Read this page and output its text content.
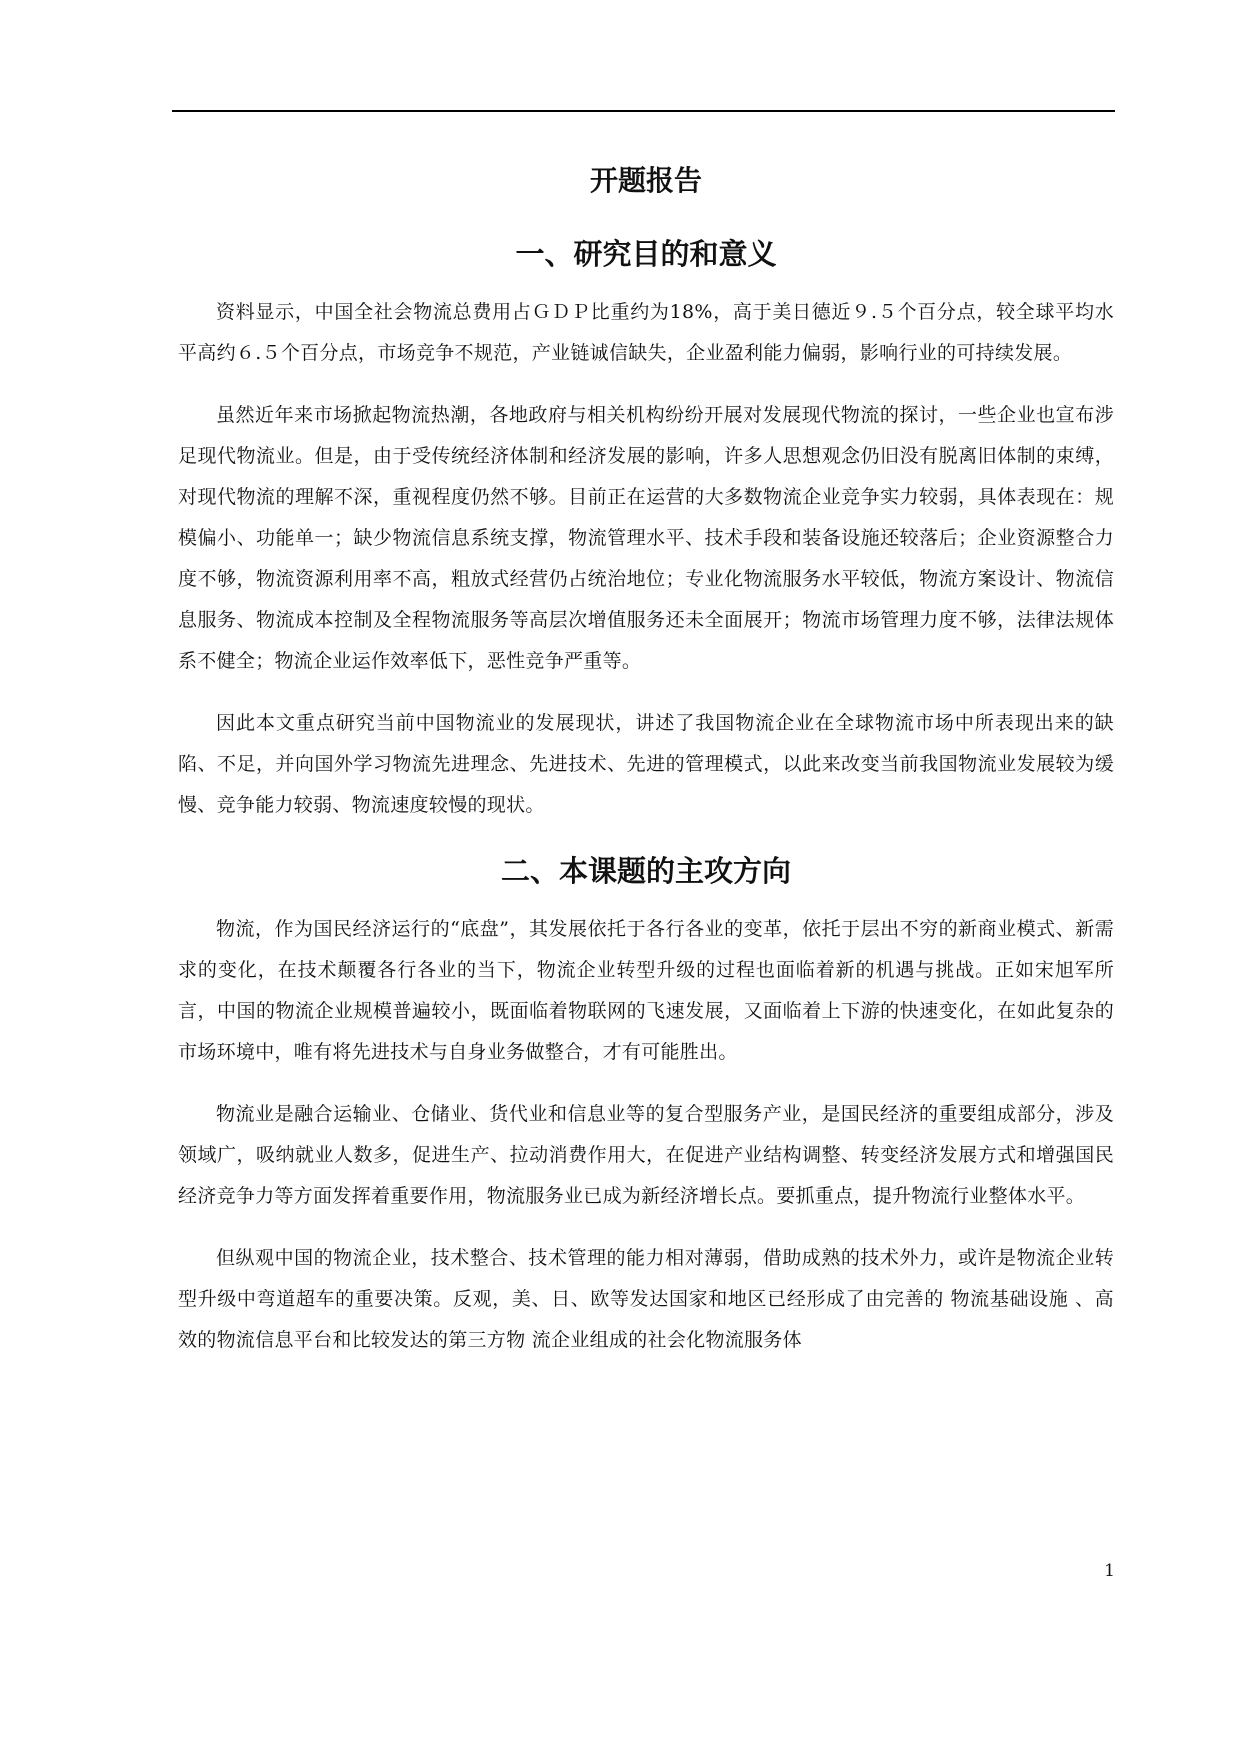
开题报告
一、研究目的和意义

资料显示，中国全社会物流总费用占ＧＤＰ比重约为18%，高于美日德近９.５个百分点，较全球平均水平高约６.５个百分点，市场竞争不规范，产业链诚信缺失，企业盈利能力偏弱，影响行业的可持续发展。

虽然近年来市场掀起物流热潮，各地政府与相关机构纷纷开展对发展现代物流的探讨，一些企业也宣布涉足现代物流业。但是，由于受传统经济体制和经济发展的影响，许多人思想观念仍旧没有脱离旧体制的束缚，对现代物流的理解不深，重视程度仍然不够。目前正在运营的大多数物流企业竞争实力较弱，具体表现在：规模偏小、功能单一；缺少物流信息系统支撑，物流管理水平、技术手段和装备设施还较落后；企业资源整合力度不够，物流资源利用率不高，粗放式经营仍占统治地位；专业化物流服务水平较低，物流方案设计、物流信息服务、物流成本控制及全程物流服务等高层次增值服务还未全面展开；物流市场管理力度不够，法律法规体系不健全；物流企业运作效率低下，恶性竞争严重等。

因此本文重点研究当前中国物流业的发展现状，讲述了我国物流企业在全球物流市场中所表现出来的缺陷、不足，并向国外学习物流先进理念、先进技术、先进的管理模式，以此来改变当前我国物流业发展较为缓慢、竞争能力较弱、物流速度较慢的现状。

二、本课题的主攻方向

物流，作为国民经济运行的“底盘”，其发展依托于各行各业的变革，依托于层出不穷的新商业模式、新需求的变化，在技术颠覆各行各业的当下，物流企业转型升级的过程也面临着新的机遇与挑战。正如宋旭军所言，中国的物流企业规模普遍较小，既面临着物联网的飞速发展，又面临着上下游的快速变化，在如此复杂的市场环境中，唯有将先进技术与自身业务做整合，才有可能胜出。

物流业是融合运输业、仓储业、货代业和信息业等的复合型服务产业，是国民经济的重要组成部分，涉及领域广，吸纳就业人数多，促进生产、拉动消费作用大，在促进产业结构调整、转变经济发展方式和增强国民经济竞争力等方面发挥着重要作用，物流服务业已成为新经济增长点。要抓重点，提升物流行业整体水平。

但纵观中国的物流企业，技术整合、技术管理的能力相对薄弱，借助成熟的技术外力，或许是物流企业转型升级中弯道超车的重要决策。反观，美、日、欧等发达国家和地区已经形成了由完善的 物流基础设施 、高效的物流信息平台和比较发达的第三方物 流企业组成的社会化物流服务体

1
